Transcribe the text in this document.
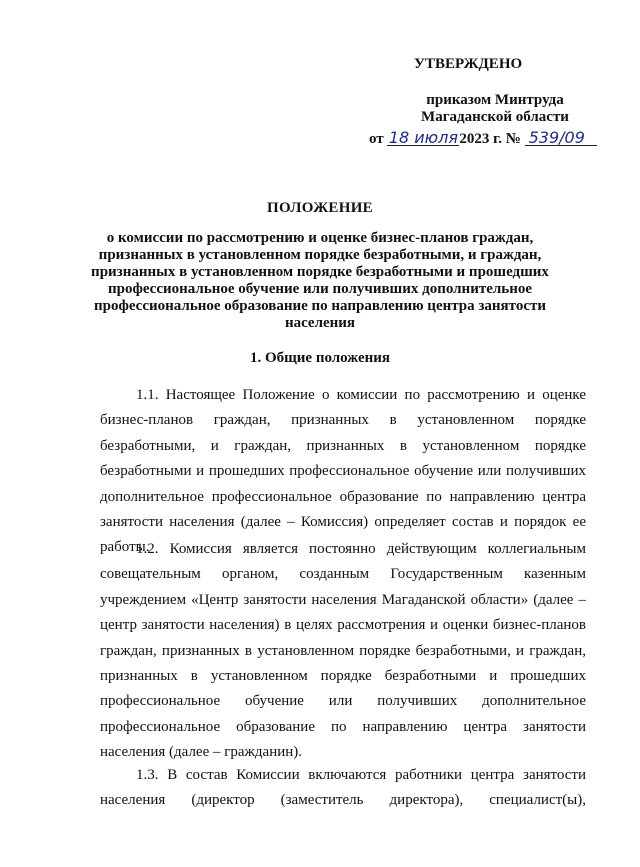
УТВЕРЖДЕНО
приказом Минтруда
Магаданской области
от 18 июля2023 г. № 539/09
ПОЛОЖЕНИЕ
о комиссии по рассмотрению и оценке бизнес-планов граждан, признанных в установленном порядке безработными, и граждан, признанных в установленном порядке безработными и прошедших профессиональное обучение или получивших дополнительное профессиональное образование по направлению центра занятости населения
1. Общие положения
1.1. Настоящее Положение о комиссии по рассмотрению и оценке бизнес-планов граждан, признанных в установленном порядке безработными, и граждан, признанных в установленном порядке безработными и прошедших профессиональное обучение или получивших дополнительное профессиональное образование по направлению центра занятости населения (далее – Комиссия) определяет состав и порядок ее работы.
1.2. Комиссия является постоянно действующим коллегиальным совещательным органом, созданным Государственным казенным учреждением «Центр занятости населения Магаданской области» (далее – центр занятости населения) в целях рассмотрения и оценки бизнес-планов граждан, признанных в установленном порядке безработными, и граждан, признанных в установленном порядке безработными и прошедших профессиональное обучение или получивших дополнительное профессиональное образование по направлению центра занятости населения (далее – гражданин).
1.3. В состав Комиссии включаются работники центра занятости населения (директор (заместитель директора), специалист(ы),
